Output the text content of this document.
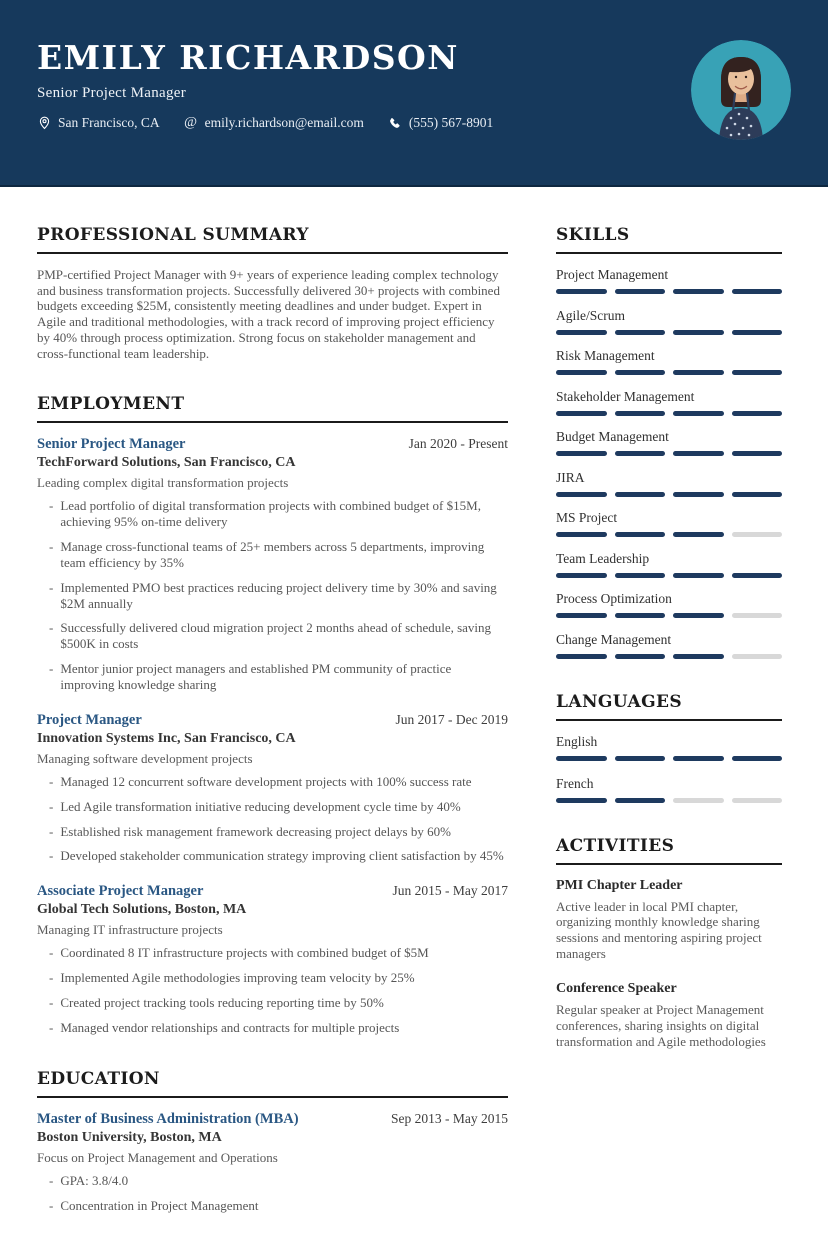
EMILY RICHARDSON
Senior Project Manager
San Francisco, CA @ emily.richardson@email.com	(555) 567-8901
PROFESSIONAL SUMMARY

PMP-certified Project Manager with 9+ years of experience leading complex technology and business transformation projects. Successfully delivered 30+ projects with combined budgets exceeding $25M, consistently meeting deadlines and under budget. Expert in Agile and traditional methodologies, with a track record of improving project efficiency by 40% through process optimization. Strong focus on stakeholder management and cross-functional team leadership.

EMPLOYMENT
Senior Project Manager	Jan 2020 - Present
TechForward Solutions, San Francisco, CA
Leading complex digital transformation projects
- Lead portfolio of digital transformation projects with combined budget of $15M, achieving 95% on-time delivery
- Manage cross-functional teams of 25+ members across 5 departments, improving team efficiency by 35%
- Implemented PMO best practices reducing project delivery time by 30% and saving $2M annually
- Successfully delivered cloud migration project 2 months ahead of schedule, saving $500K in costs
- Mentor junior project managers and established PM community of practice improving knowledge sharing
Project Manager	Jun 2017 - Dec 2019
Innovation Systems Inc, San Francisco, CA
Managing software development projects
- Managed 12 concurrent software development projects with 100% success rate
- Led Agile transformation initiative reducing development cycle time by 40%
- Established risk management framework decreasing project delays by 60%
- Developed stakeholder communication strategy improving client satisfaction by 45%
Associate Project Manager	Jun 2015 - May 2017
Global Tech Solutions, Boston, MA
Managing IT infrastructure projects
- Coordinated 8 IT infrastructure projects with combined budget of $5M
- Implemented Agile methodologies improving team velocity by 25%
- Created project tracking tools reducing reporting time by 50%
- Managed vendor relationships and contracts for multiple projects
EDUCATION
Master of Business Administration (MBA)	Sep 2013 - May 2015
Boston University, Boston, MA
Focus on Project Management and Operations
- GPA: 3.8/4.0
- Concentration in Project Management
SKILLS
Project Management
Agile/Scrum
Risk Management
Stakeholder Management
Budget Management
JIRA
MS Project
Team Leadership
Process Optimization
Change Management
LANGUAGES
English
French
ACTIVITIES
PMI Chapter Leader
Active leader in local PMI chapter, organizing monthly knowledge sharing sessions and mentoring aspiring project managers
Conference Speaker
Regular speaker at Project Management conferences, sharing insights on digital transformation and Agile methodologies
